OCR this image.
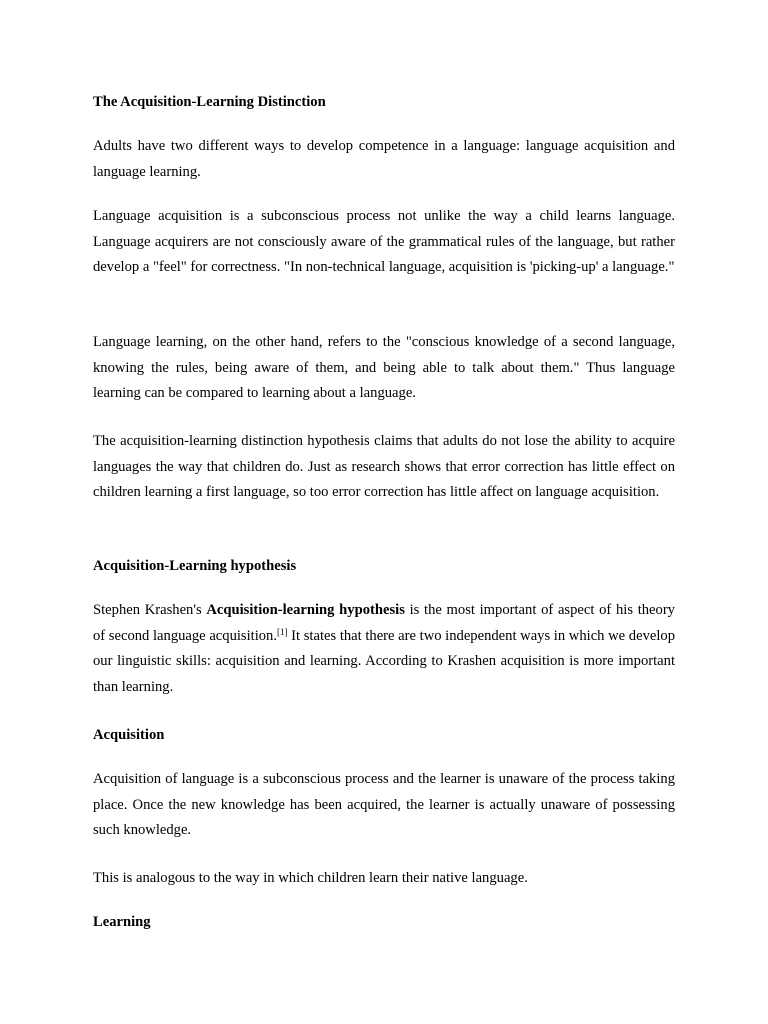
The Acquisition-Learning Distinction

Adults have two different ways to develop competence in a language: language acquisition and language learning.

Language acquisition is a subconscious process not unlike the way a child learns language. Language acquirers are not consciously aware of the grammatical rules of the language, but rather develop a "feel" for correctness. "In non-technical language, acquisition is 'picking-up' a language."

Language learning, on the other hand, refers to the "conscious knowledge of a second language, knowing the rules, being aware of them, and being able to talk about them." Thus language learning can be compared to learning about a language.

The acquisition-learning distinction hypothesis claims that adults do not lose the ability to acquire languages the way that children do. Just as research shows that error correction has little effect on children learning a first language, so too error correction has little affect on language acquisition.

Acquisition-Learning hypothesis

Stephen Krashen's Acquisition-learning hypothesis is the most important of aspect of his theory of second language acquisition.[1] It states that there are two independent ways in which we develop our linguistic skills: acquisition and learning. According to Krashen acquisition is more important than learning.

Acquisition

Acquisition of language is a subconscious process and the learner is unaware of the process taking place. Once the new knowledge has been acquired, the learner is actually unaware of possessing such knowledge.

This is analogous to the way in which children learn their native language.

Learning
